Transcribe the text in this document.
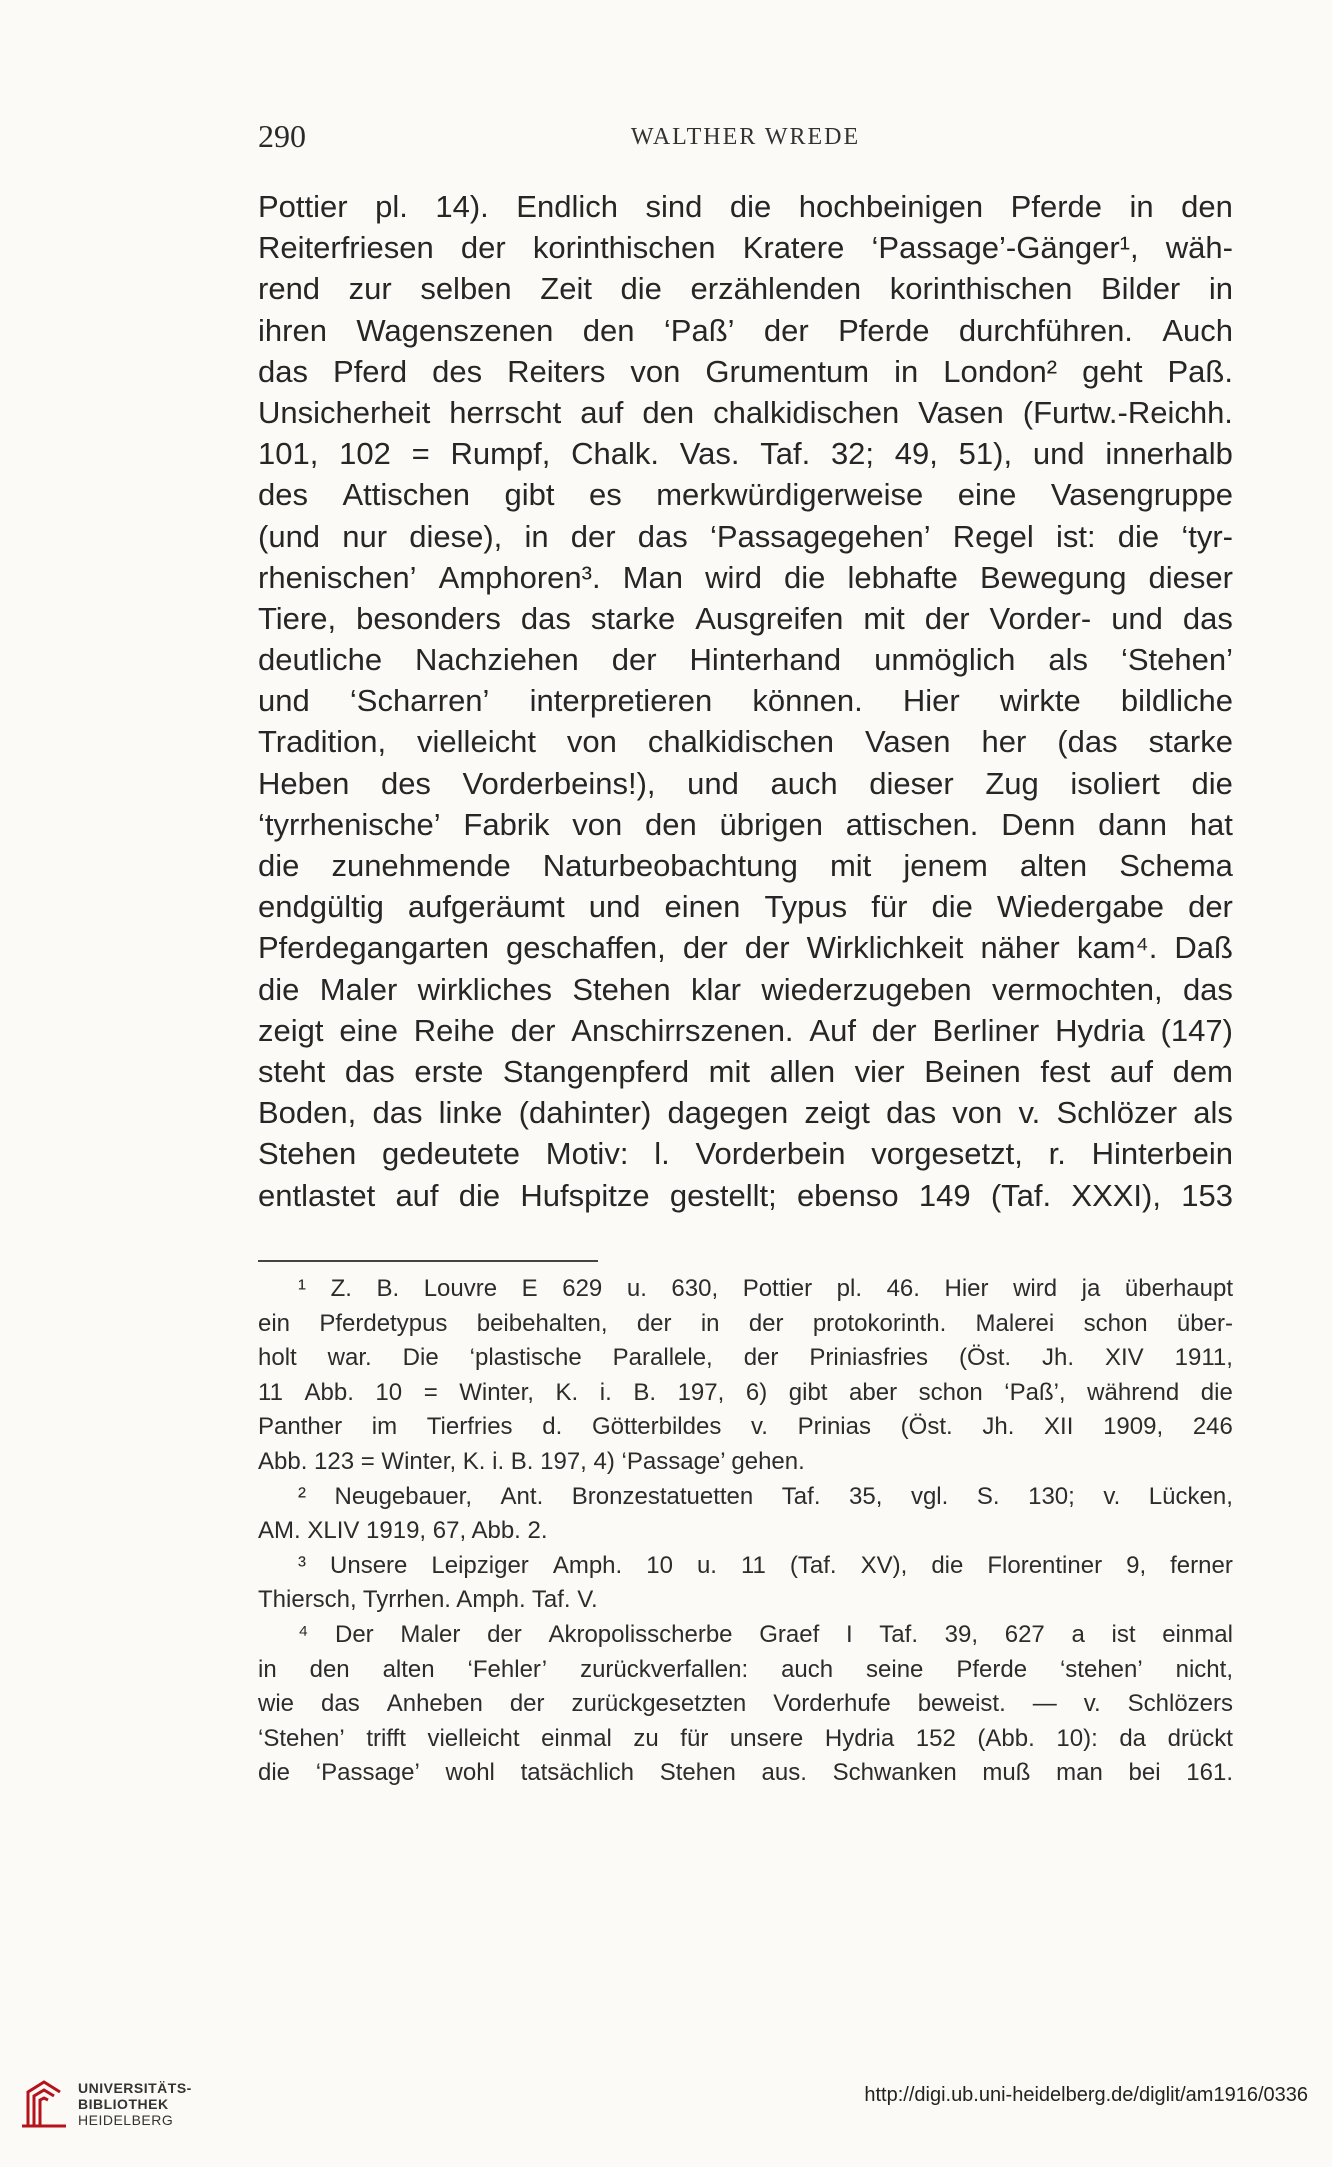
290	WALTHER WREDE
Pottier pl. 14). Endlich sind die hochbeinigen Pferde in den
Reiterfriesen der korinthischen Kratere ‘Passage’-Gänger¹, wäh-
rend zur selben Zeit die erzählenden korinthischen Bilder in
ihren Wagenszenen den ‘Paß’ der Pferde durchführen. Auch
das Pferd des Reiters von Grumentum in London² geht Paß.
Unsicherheit herrscht auf den chalkidischen Vasen (Furtw.-Reichh.
101, 102 = Rumpf, Chalk. Vas. Taf. 32; 49, 51), und innerhalb
des Attischen gibt es merkwürdigerweise eine Vasengruppe
(und nur diese), in der das ‘Passagegehen’ Regel ist: die ‘tyr-
rhenischen’ Amphoren³. Man wird die lebhafte Bewegung dieser
Tiere, besonders das starke Ausgreifen mit der Vorder- und das
deutliche Nachziehen der Hinterhand unmöglich als ‘Stehen’
und ‘Scharren’ interpretieren können. Hier wirkte bildliche
Tradition, vielleicht von chalkidischen Vasen her (das starke
Heben des Vorderbeins!), und auch dieser Zug isoliert die
‘tyrrhenische’ Fabrik von den übrigen attischen. Denn dann hat
die zunehmende Naturbeobachtung mit jenem alten Schema
endgültig aufgeräumt und einen Typus für die Wiedergabe der
Pferdegangarten geschaffen, der der Wirklichkeit näher kam⁴. Daß
die Maler wirkliches Stehen klar wiederzugeben vermochten, das
zeigt eine Reihe der Anschirrszenen. Auf der Berliner Hydria (147)
steht das erste Stangenpferd mit allen vier Beinen fest auf dem
Boden, das linke (dahinter) dagegen zeigt das von v. Schlözer als
Stehen gedeutete Motiv: l. Vorderbein vorgesetzt, r. Hinterbein
entlastet auf die Hufspitze gestellt; ebenso 149 (Taf. XXXI), 153
¹ Z. B. Louvre E 629 u. 630, Pottier pl. 46. Hier wird ja überhaupt
ein Pferdetypus beibehalten, der in der protokorinth. Malerei schon über-
holt war. Die ‘plastische Parallele, der Priniasfries (Öst. Jh. XIV 1911,
11 Abb. 10 = Winter, K. i. B. 197, 6) gibt aber schon ‘Paß’, während die
Panther im Tierfries d. Götterbildes v. Prinias (Öst. Jh. XII 1909, 246
Abb. 123 = Winter, K. i. B. 197, 4) ‘Passage’ gehen.
² Neugebauer, Ant. Bronzestatuetten Taf. 35, vgl. S. 130; v. Lücken,
AM. XLIV 1919, 67, Abb. 2.
³ Unsere Leipziger Amph. 10 u. 11 (Taf. XV), die Florentiner 9, ferner
Thiersch, Tyrrhen. Amph. Taf. V.
⁴ Der Maler der Akropolisscherbe Graef I Taf. 39, 627 a ist einmal
in den alten ‘Fehler’ zurückverfallen: auch seine Pferde ‘stehen’ nicht,
wie das Anheben der zurückgesetzten Vorderhufe beweist. — v. Schlözers
‘Stehen’ trifft vielleicht einmal zu für unsere Hydria 152 (Abb. 10): da drückt
die ‘Passage’ wohl tatsächlich Stehen aus. Schwanken muß man bei 161.
UNIVERSITÄTS-
BIBLIOTHEK
HEIDELBERG
http://digi.ub.uni-heidelberg.de/diglit/am1916/0336
